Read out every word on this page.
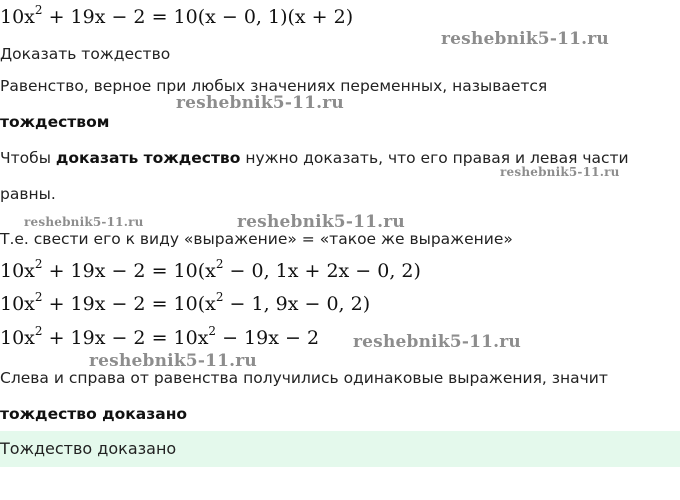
$10x^2 + 19x - 2 = 10(x - 0$, 1)(x + 2)
reshebnik5-11.ru
Доказать тождество
Равенство, верное при любых значениях переменных, называется
reshebnik5-11.ru
тождеством
Чтобы доказать тождество нужно доказать, что его правая и левая части
reshebnik5-11.ru
равны.
reshebnik5-11.ru	reshebnik5-11.ru
Т.е. свести его к виду «выражение» = «такое же выражение»
$10x^2 + 19x - 2 = 10(x^2 - 0$, 1x + 2x − 0, 2)
$10x^2 + 19x - 2 = 10(x^2 - 1$, 9x − 0, 2)
$10x^2 + 19x - 2 = 10x^2 - 19x - 2$ reshebnik5-11.ru
reshebnik5-11.ru
Слева и справа от равенства получились одинаковые выражения, значит
тождество доказано
Тождество доказано
